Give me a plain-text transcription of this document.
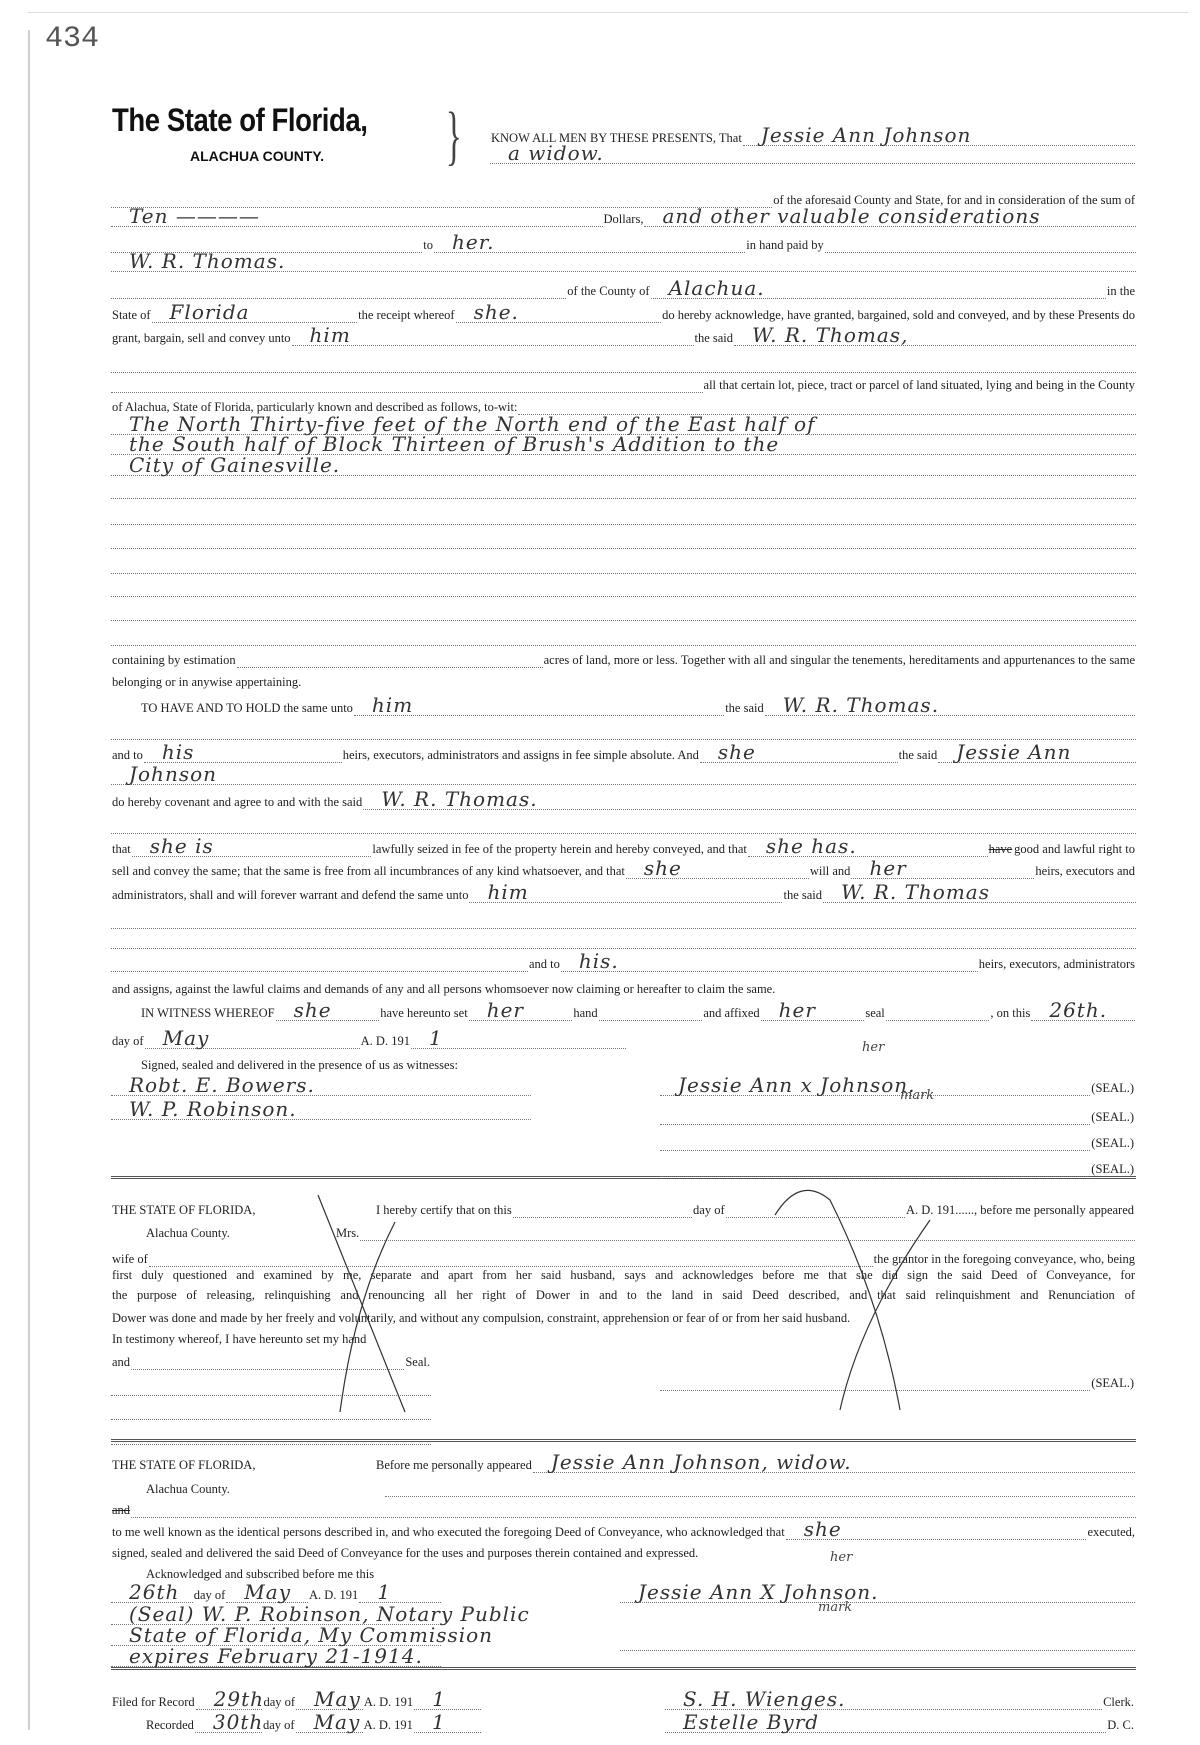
434
The State of Florida,
ALACHUA COUNTY. }
her
mark
her
mark
KNOW ALL MEN BY THESE PRESENTS, That Jessie Ann Johnson
a widow.
of the aforesaid County and State, for and in consideration of the sum of
Ten ————	Dollars, and other valuable considerations
to her.	in hand paid by
W. R. Thomas.
of the County of Alachua.	in the
State of Florida	the receipt whereof she.	do hereby acknowledge, have granted, bargained, sold and conveyed, and by these Presents do
grant, bargain, sell and convey unto him	the said W. R. Thomas,
all that certain lot, piece, tract or parcel of land situated, lying and being in the County
of Alachua, State of Florida, particularly known and described as follows, to-wit:
The North Thirty-five feet of the North end of the East half of
the South half of Block Thirteen of Brush's Addition to the
City of Gainesville.
containing by estimation	acres of land, more or less. Together with all and singular the tenements, hereditaments and appurtenances to the same
belonging or in anywise appertaining.
TO HAVE AND TO HOLD the same unto him	the said W. R. Thomas.
and to his	heirs, executors, administrators and assigns in fee simple absolute. And she	the said Jessie Ann
Johnson
do hereby covenant and agree to and with the said W. R. Thomas.
that she is	lawfully seized in fee of the property herein and hereby conveyed, and that she has.	have good and lawful right to
sell and convey the same; that the same is free from all incumbrances of any kind whatsoever, and that she	will and her	heirs, executors and
administrators, shall and will forever warrant and defend the same unto him	the said W. R. Thomas
and to his.	heirs, executors, administrators
and assigns, against the lawful claims and demands of any and all persons whomsoever now claiming or hereafter to claim the same.
IN WITNESS WHEREOF she	have hereunto set her	hand	and affixed her	seal	, on this 26th.
day of May	A. D. 191 1
Signed, sealed and delivered in the presence of us as witnesses:
Robt. E. Bowers.
W. P. Robinson.
Jessie Ann x Johnson.	(SEAL.)
(SEAL.)
(SEAL.)
(SEAL.)
THE STATE OF FLORIDA,	I hereby certify that on this	day of	A. D. 191......, before me personally appeared
Alachua County.	Mrs.
wife of	the grantor in the foregoing conveyance, who, being
first duly questioned and examined by me, separate and apart from her said husband, says and acknowledges before me that she did sign the said Deed of Conveyance, for
the purpose of releasing, relinquishing and renouncing all her right of Dower in and to the land in said Deed described, and that said relinquishment and Renunciation of
Dower was done and made by her freely and voluntarily, and without any compulsion, constraint, apprehension or fear of or from her said husband.
In testimony whereof, I have hereunto set my hand
and	Seal.
(SEAL.)
THE STATE OF FLORIDA,	Before me personally appeared Jessie Ann Johnson, widow.
Alachua County.
and
to me well known as the identical persons described in, and who executed the foregoing Deed of Conveyance, who acknowledged that she	executed,
signed, sealed and delivered the said Deed of Conveyance for the uses and purposes therein contained and expressed.
Acknowledged and subscribed before me this
26th day of May A. D. 191 1
(Seal) W. P. Robinson, Notary Public
State of Florida, My Commission
expires February 21-1914.
Jessie Ann X Johnson.
Filed for Record 29th day of May A. D. 191 1
Recorded 30th day of May A. D. 191 1
S. H. Wienges.	Clerk.
Estelle Byrd	D. C.
